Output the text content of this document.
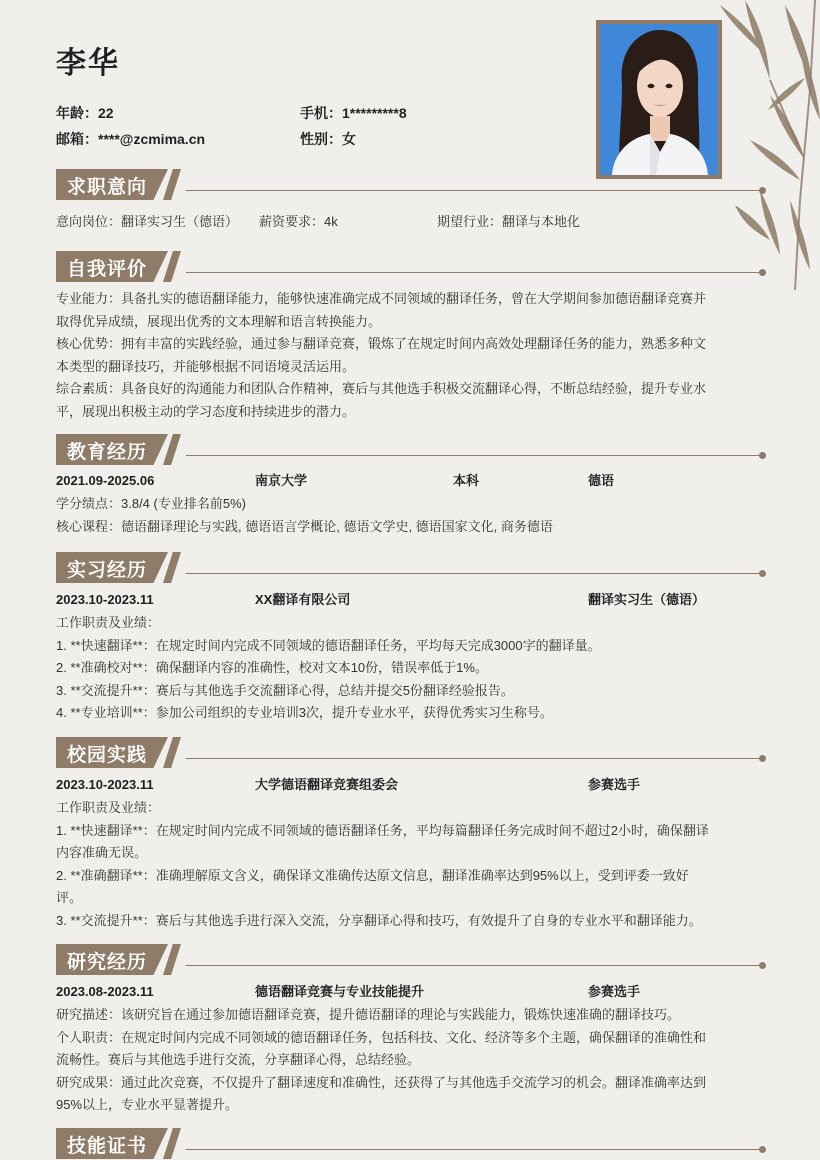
李华
年龄：22	手机：1*********8
邮箱：****@zcmima.cn	性别：女
求职意向
意向岗位：翻译实习生（德语） 薪资要求：4k	期望行业：翻译与本地化
自我评价
专业能力：具备扎实的德语翻译能力，能够快速准确完成不同领域的翻译任务，曾在大学期间参加德语翻译竞赛并
取得优异成绩，展现出优秀的文本理解和语言转换能力。
核心优势：拥有丰富的实践经验，通过参与翻译竞赛，锻炼了在规定时间内高效处理翻译任务的能力，熟悉多种文
本类型的翻译技巧，并能够根据不同语境灵活运用。
综合素质：具备良好的沟通能力和团队合作精神，赛后与其他选手积极交流翻译心得，不断总结经验，提升专业水
平，展现出积极主动的学习态度和持续进步的潜力。
教育经历
2021.09-2025.06	南京大学	本科	德语
学分绩点：3.8/4 (专业排名前5%)
核心课程：德语翻译理论与实践, 德语语言学概论, 德语文学史, 德语国家文化, 商务德语
实习经历
2023.10-2023.11	XX翻译有限公司	翻译实习生（德语）
工作职责及业绩：
1. **快速翻译**：在规定时间内完成不同领域的德语翻译任务，平均每天完成3000字的翻译量。
2. **准确校对**：确保翻译内容的准确性，校对文本10份，错误率低于1%。
3. **交流提升**：赛后与其他选手交流翻译心得，总结并提交5份翻译经验报告。
4. **专业培训**：参加公司组织的专业培训3次，提升专业水平，获得优秀实习生称号。
校园实践
2023.10-2023.11	大学德语翻译竞赛组委会	参赛选手
工作职责及业绩：
1. **快速翻译**：在规定时间内完成不同领域的德语翻译任务，平均每篇翻译任务完成时间不超过2小时，确保翻译
内容准确无误。
2. **准确翻译**：准确理解原文含义，确保译文准确传达原文信息，翻译准确率达到95%以上，受到评委一致好
评。
3. **交流提升**：赛后与其他选手进行深入交流，分享翻译心得和技巧，有效提升了自身的专业水平和翻译能力。
研究经历
2023.08-2023.11	德语翻译竞赛与专业技能提升	参赛选手
研究描述：该研究旨在通过参加德语翻译竞赛，提升德语翻译的理论与实践能力，锻炼快速准确的翻译技巧。
个人职责：在规定时间内完成不同领域的德语翻译任务，包括科技、文化、经济等多个主题，确保翻译的准确性和
流畅性。赛后与其他选手进行交流，分享翻译心得，总结经验。
研究成果：通过此次竞赛，不仅提升了翻译速度和准确性，还获得了与其他选手交流学习的机会。翻译准确率达到
95%以上，专业水平显著提升。
技能证书
